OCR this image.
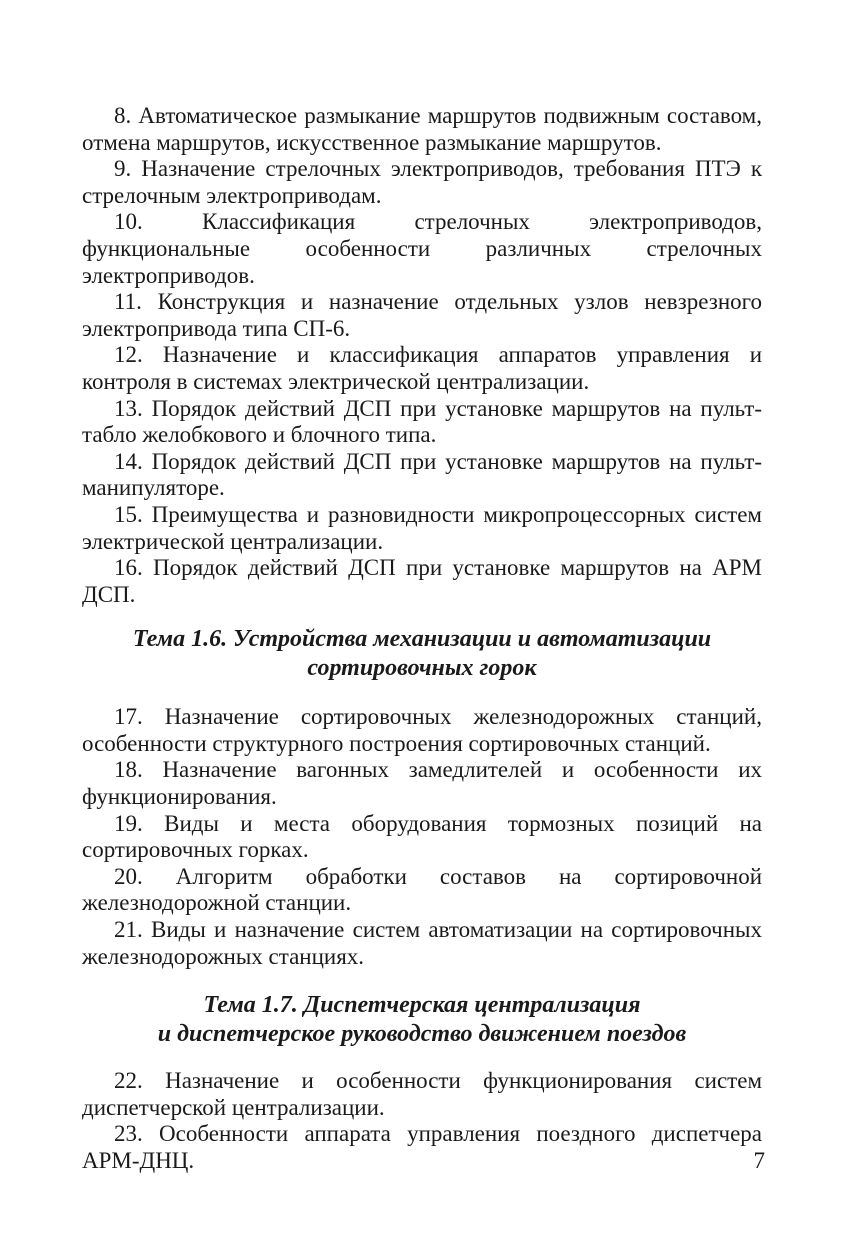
8. Автоматическое размыкание маршрутов подвижным составом, отмена маршрутов, искусственное размыкание маршрутов.

9. Назначение стрелочных электроприводов, требования ПТЭ к стрелочным электроприводам.

10. Классификация стрелочных электроприводов, функциональные особенности различных стрелочных электроприводов.

11. Конструкция и назначение отдельных узлов невзрезного электропривода типа СП-6.

12. Назначение и классификация аппаратов управления и контроля в системах электрической централизации.

13. Порядок действий ДСП при установке маршрутов на пульт-табло желобкового и блочного типа.

14. Порядок действий ДСП при установке маршрутов на пульт-манипуляторе.

15. Преимущества и разновидности микропроцессорных систем электрической централизации.

16. Порядок действий ДСП при установке маршрутов на АРМ ДСП.

Тема 1.6. Устройства механизации и автоматизации
сортировочных горок

17. Назначение сортировочных железнодорожных станций, особенности структурного построения сортировочных станций.

18. Назначение вагонных замедлителей и особенности их функционирования.

19. Виды и места оборудования тормозных позиций на сортировочных горках.

20. Алгоритм обработки составов на сортировочной железнодорожной станции.

21. Виды и назначение систем автоматизации на сортировочных железнодорожных станциях.

Тема 1.7. Диспетчерская централизация
и диспетчерское руководство движением поездов

22. Назначение и особенности функционирования систем диспетчерской централизации.

23. Особенности аппарата управления поездного диспетчера АРМ-ДНЦ.	7
